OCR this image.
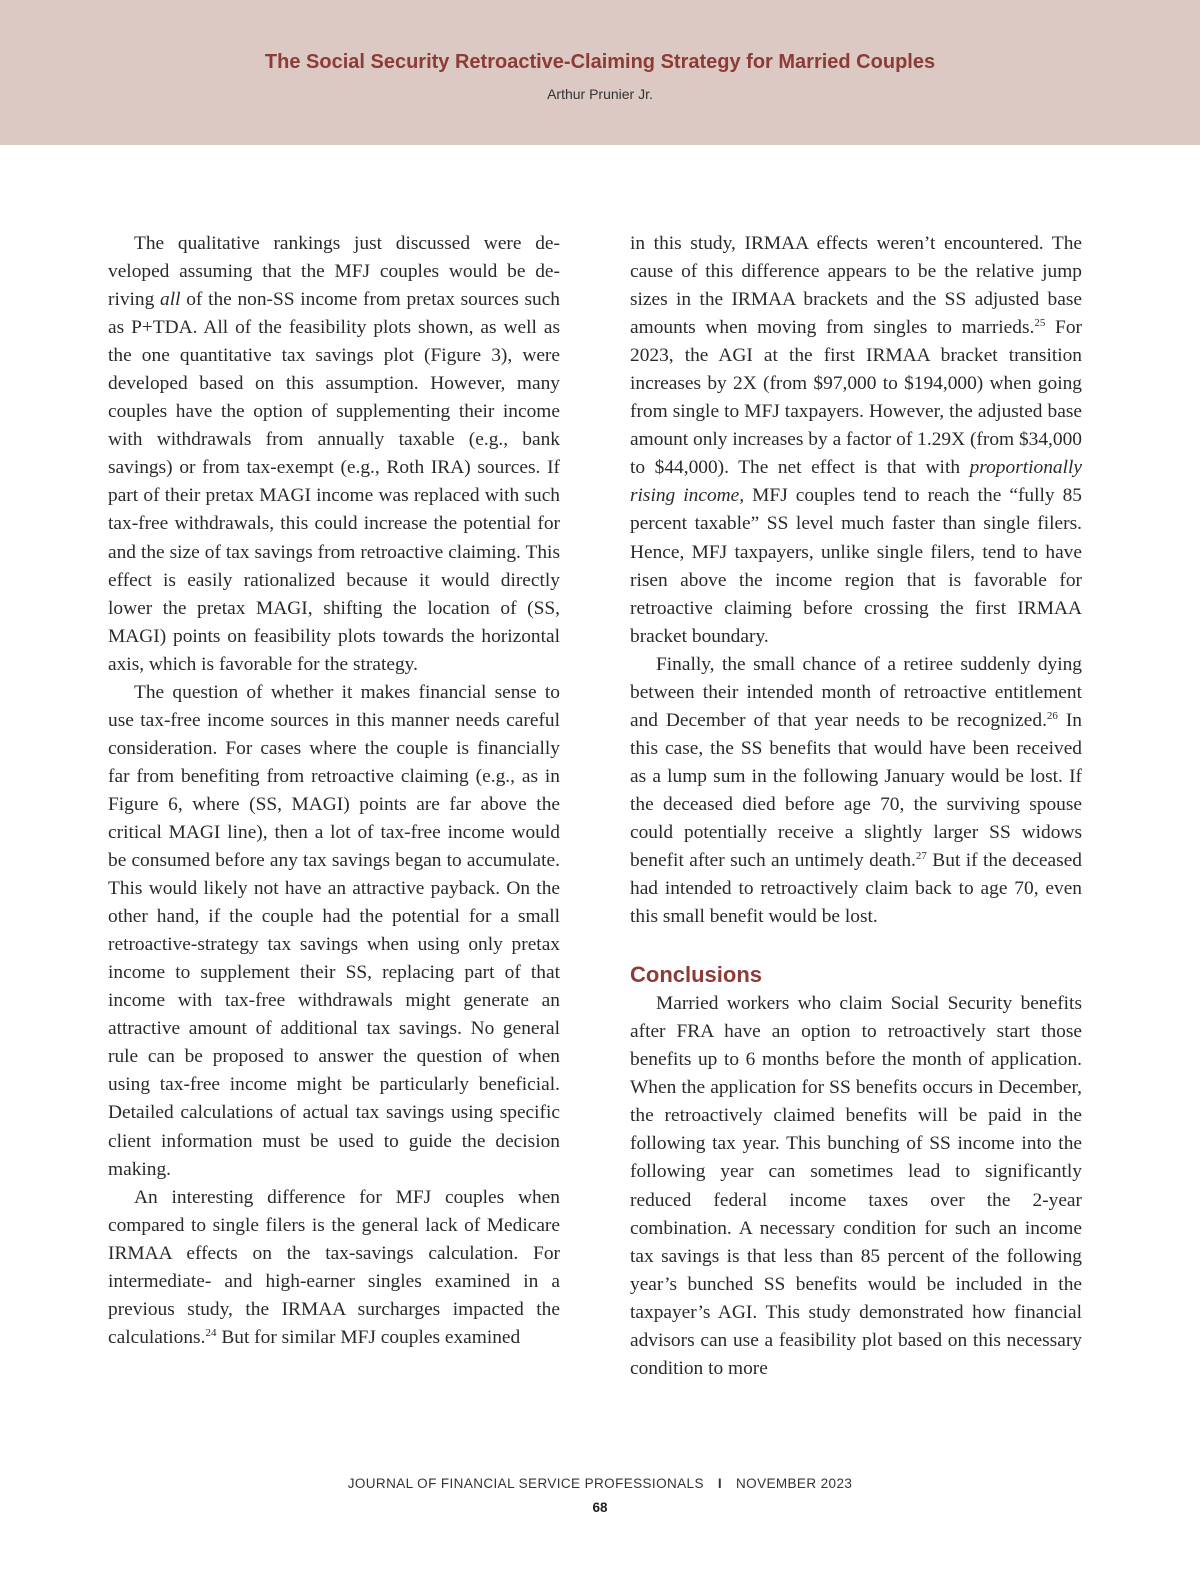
The Social Security Retroactive-Claiming Strategy for Married Couples
Arthur Prunier Jr.

The qualitative rankings just discussed were developed assuming that the MFJ couples would be deriving all of the non-SS income from pretax sources such as P+TDA. All of the feasibility plots shown, as well as the one quantitative tax savings plot (Figure 3), were developed based on this assumption. However, many couples have the option of supplementing their income with withdrawals from annually taxable (e.g., bank savings) or from tax-exempt (e.g., Roth IRA) sources. If part of their pretax MAGI income was replaced with such tax-free withdrawals, this could increase the potential for and the size of tax savings from retroactive claiming. This effect is easily rationalized because it would directly lower the pretax MAGI, shifting the location of (SS, MAGI) points on feasibility plots towards the horizontal axis, which is favorable for the strategy.

The question of whether it makes financial sense to use tax-free income sources in this manner needs careful consideration. For cases where the couple is financially far from benefiting from retroactive claiming (e.g., as in Figure 6, where (SS, MAGI) points are far above the critical MAGI line), then a lot of tax-free income would be consumed before any tax savings began to accumulate. This would likely not have an attractive payback. On the other hand, if the couple had the potential for a small retroactive-strategy tax savings when using only pretax income to supplement their SS, replacing part of that income with tax-free withdrawals might generate an attractive amount of additional tax savings. No general rule can be proposed to answer the question of when using tax-free income might be particularly beneficial. Detailed calculations of actual tax savings using specific client information must be used to guide the decision making.

An interesting difference for MFJ couples when compared to single filers is the general lack of Medicare IRMAA effects on the tax-savings calculation. For intermediate- and high-earner singles examined in a previous study, the IRMAA surcharges impacted the calculations.$^{24}$ But for similar MFJ couples examined

in this study, IRMAA effects weren’t encountered. The cause of this difference appears to be the relative jump sizes in the IRMAA brackets and the SS adjusted base amounts when moving from singles to marrieds.$^{25}$ For 2023, the AGI at the first IRMAA bracket transition increases by 2X (from $97,000 to $194,000) when going from single to MFJ taxpayers. However, the adjusted base amount only increases by a factor of 1.29X (from $34,000 to $44,000). The net effect is that with proportionally rising income, MFJ couples tend to reach the “fully 85 percent taxable” SS level much faster than single filers. Hence, MFJ taxpayers, unlike single filers, tend to have risen above the income region that is favorable for retroactive claiming before crossing the first IRMAA bracket boundary.

Finally, the small chance of a retiree suddenly dying between their intended month of retroactive entitlement and December of that year needs to be recognized.$^{26}$ In this case, the SS benefits that would have been received as a lump sum in the following January would be lost. If the deceased died before age 70, the surviving spouse could potentially receive a slightly larger SS widows benefit after such an untimely death.$^{27}$ But if the deceased had intended to retroactively claim back to age 70, even this small benefit would be lost.

Conclusions

Married workers who claim Social Security benefits after FRA have an option to retroactively start those benefits up to 6 months before the month of application. When the application for SS benefits occurs in December, the retroactively claimed benefits will be paid in the following tax year. This bunching of SS income into the following year can sometimes lead to significantly reduced federal income taxes over the 2-year combination. A necessary condition for such an income tax savings is that less than 85 percent of the following year’s bunched SS benefits would be included in the taxpayer’s AGI. This study demonstrated how financial advisors can use a feasibility plot based on this necessary condition to more

JOURNAL OF FINANCIAL SERVICE PROFESSIONALS I NOVEMBER 2023
68
